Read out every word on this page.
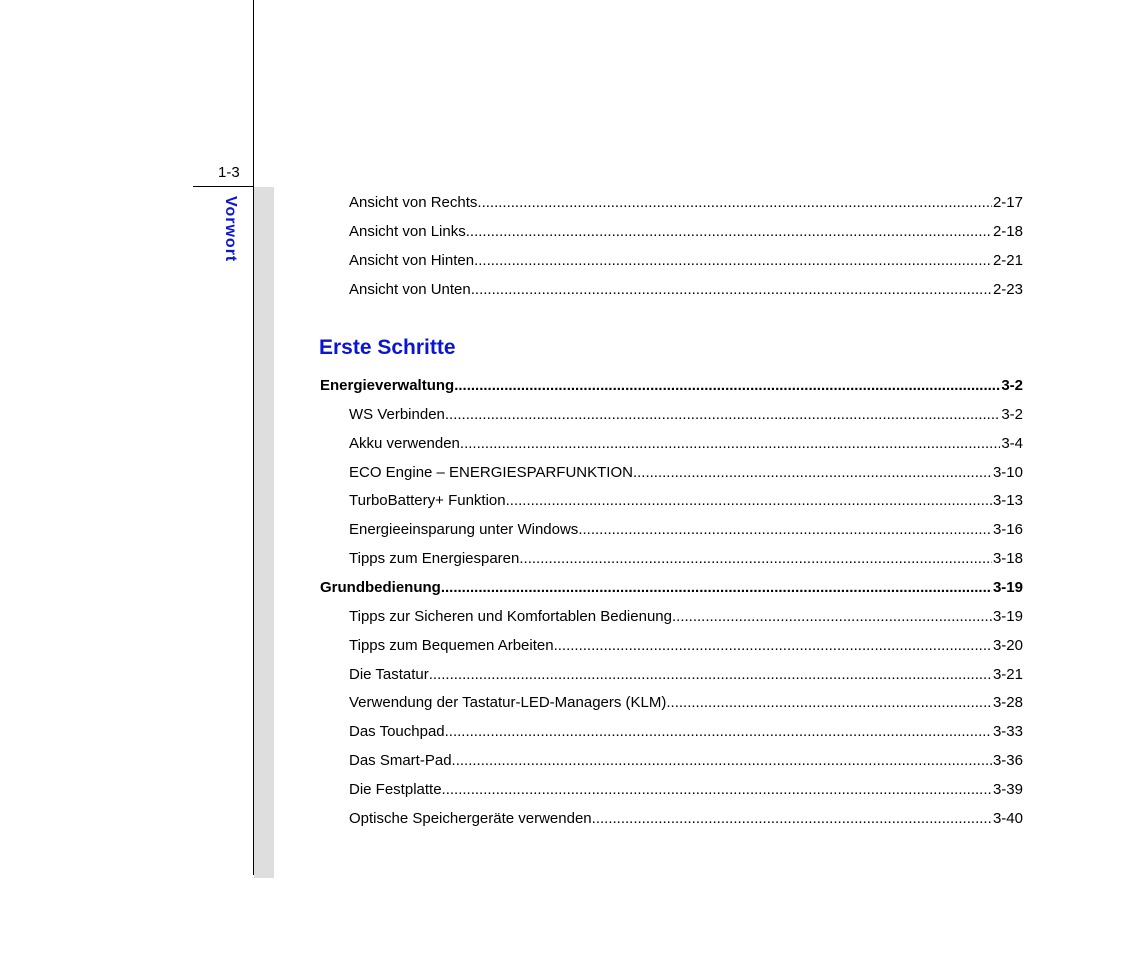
1-3
Vorwort
Erste Schritte
Ansicht von Rechts .....	2-17
Ansicht von Links .....	2-18
Ansicht von Hinten .....	2-21
Ansicht von Unten .....	2-23
Energieverwaltung .....	3-2
WS Verbinden .....	3-2
Akku verwenden .....	3-4
ECO Engine – ENERGIESPARFUNKTION .....	3-10
TurboBattery+ Funktion .....	3-13
Energieeinsparung unter Windows .....	3-16
Tipps zum Energiesparen .....	3-18
Grundbedienung .....	3-19
Tipps zur Sicheren und Komfortablen Bedienung .....	3-19
Tipps zum Bequemen Arbeiten .....	3-20
Die Tastatur .....	3-21
Verwendung der Tastatur-LED-Managers (KLM) .....	3-28
Das Touchpad .....	3-33
Das Smart-Pad .....	3-36
Die Festplatte .....	3-39
Optische Speichergeräte verwenden .....	3-40
